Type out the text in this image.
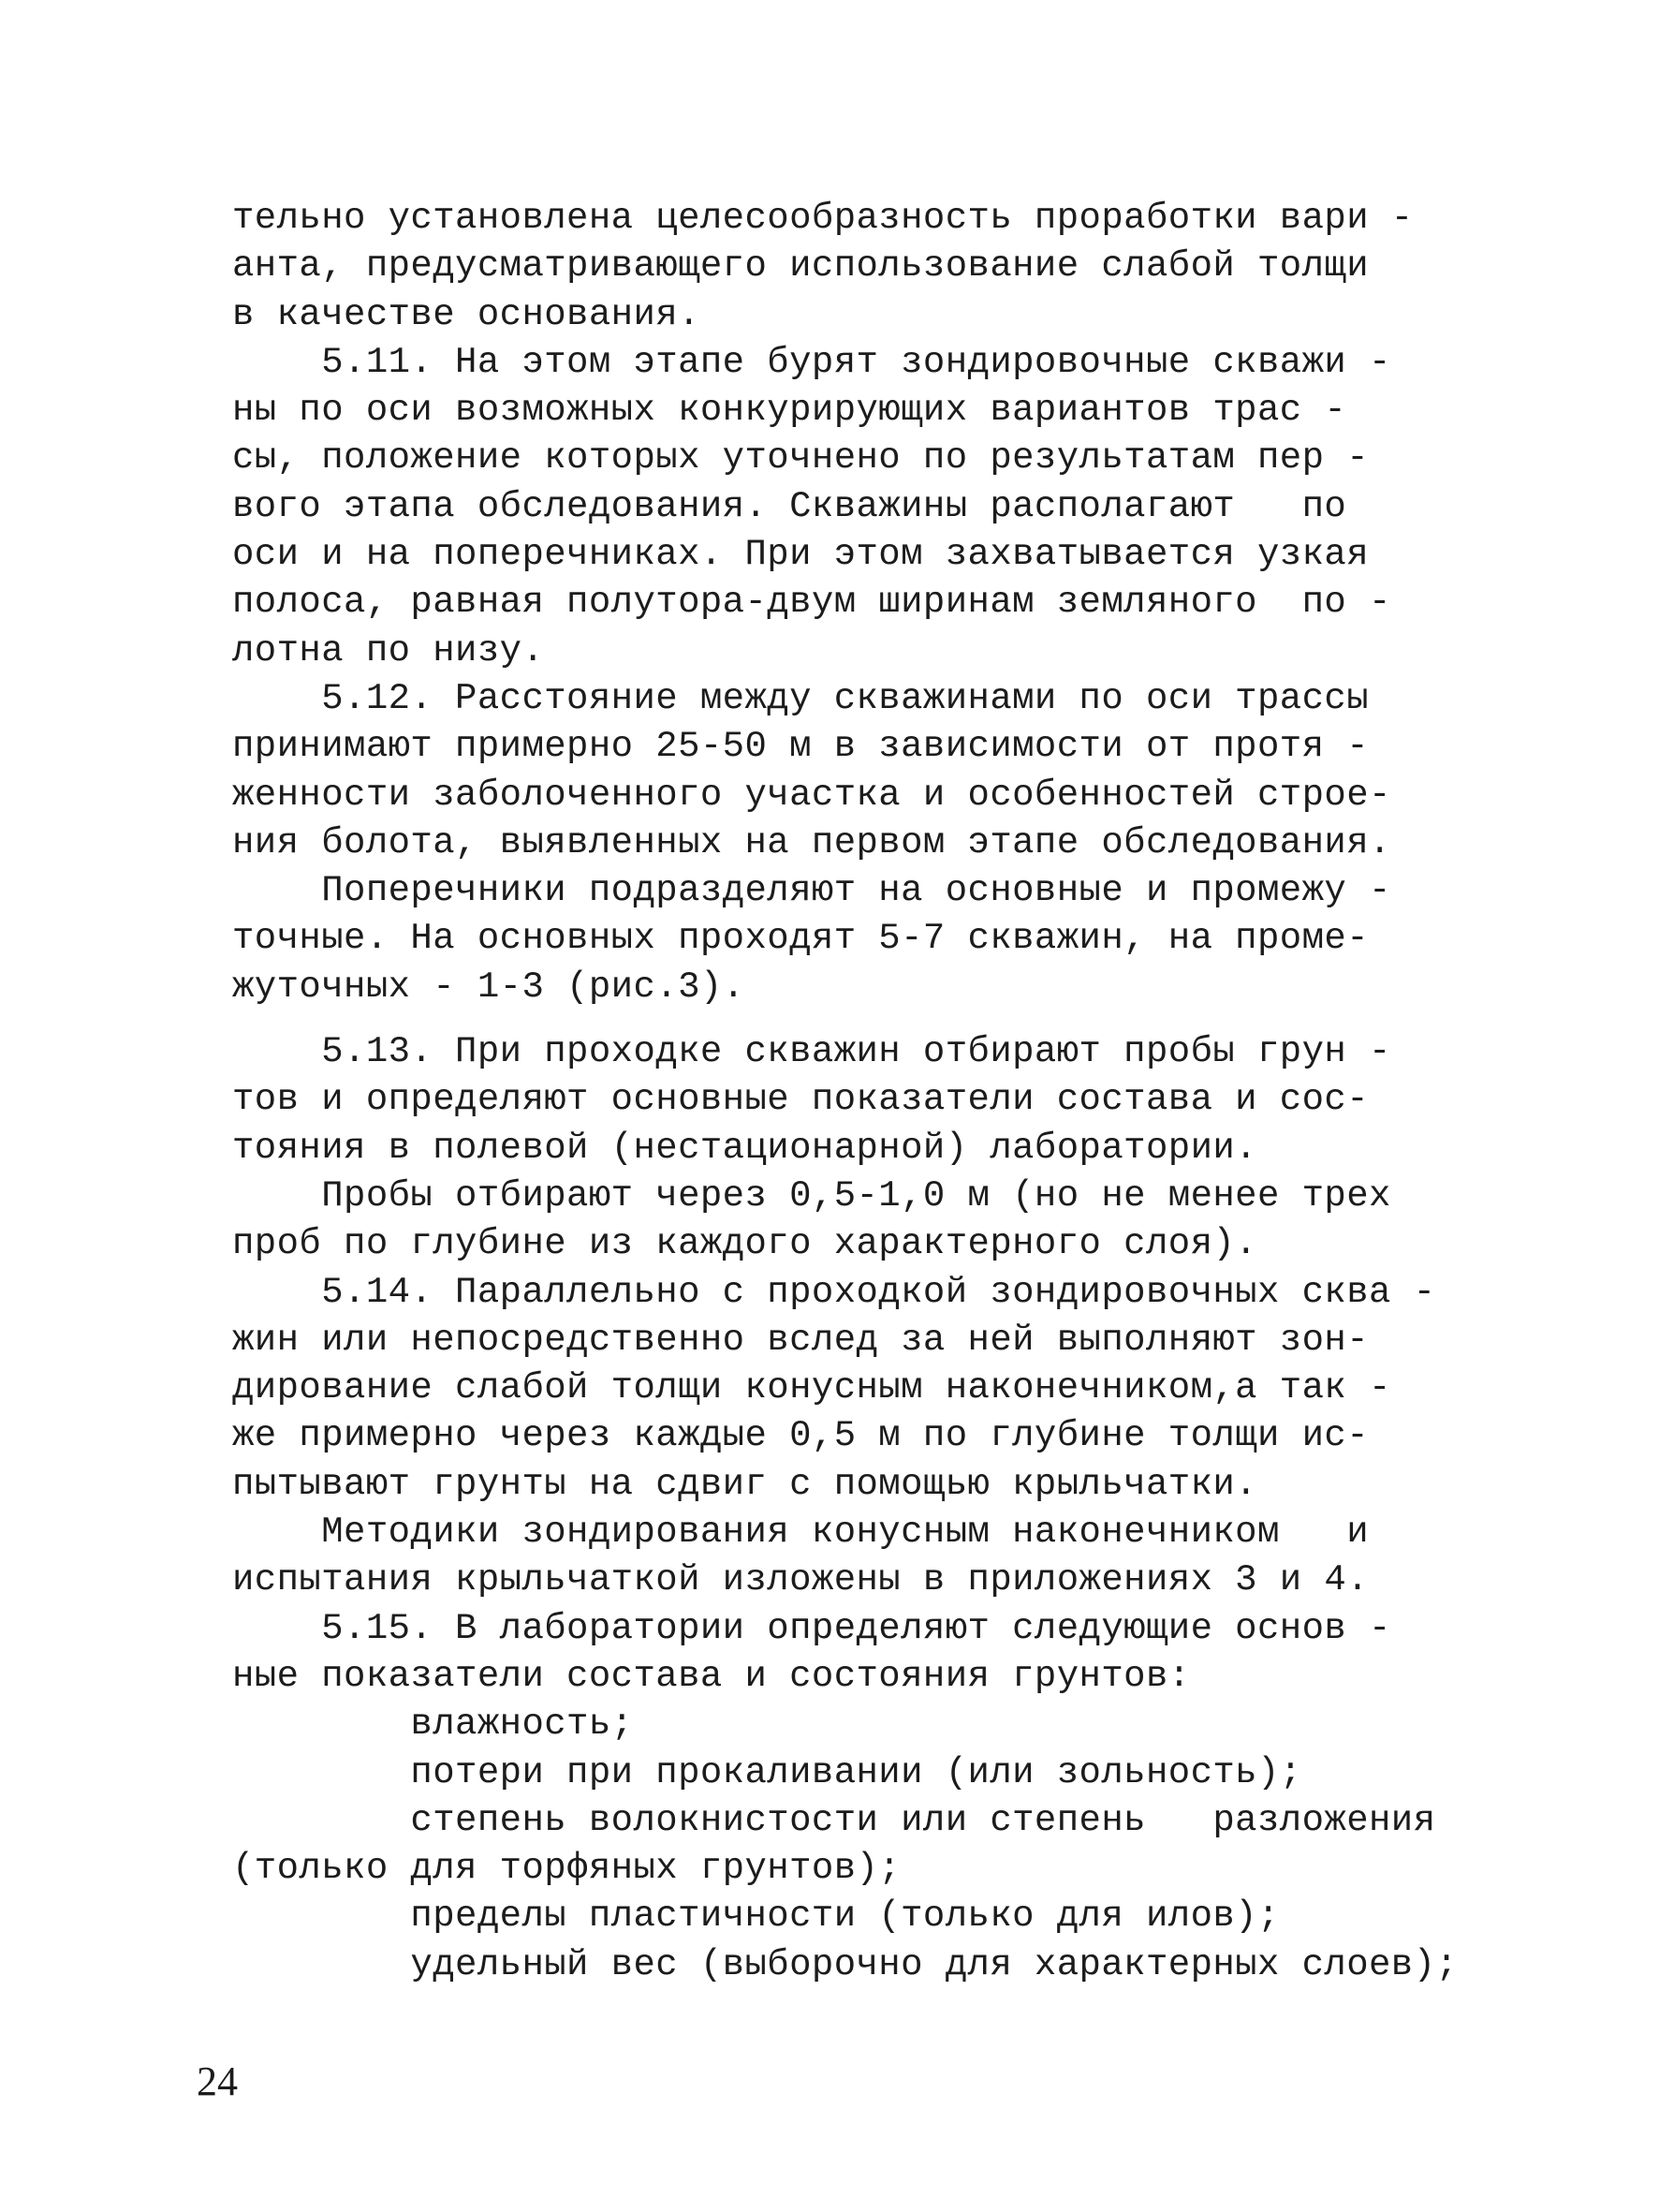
тельно установлена целесообразность проработки вари -
анта, предусматривающего использование слабой толщи
в качестве основания.
5.11. На этом этапе бурят зондировочные скважи -
ны по оси возможных конкурирующих вариантов трас -
сы, положение которых уточнено по результатам пер -
вого этапа обследования. Скважины располагают   по
оси и на поперечниках. При этом захватывается узкая
полоса, равная полутора-двум ширинам земляного  по -
лотна по низу.
5.12. Расстояние между скважинами по оси трассы
принимают примерно 25-50 м в зависимости от протя -
женности заболоченного участка и особенностей строе-
ния болота, выявленных на первом этапе обследования.
Поперечники подразделяют на основные и промежу -
точные. На основных проходят 5-7 скважин, на проме-
жуточных - 1-3 (рис.3).
5.13. При проходке скважин отбирают пробы грун -
тов и определяют основные показатели состава и сос-
тояния в полевой (нестационарной) лаборатории.
Пробы отбирают через 0,5-1,0 м (но не менее трех
проб по глубине из каждого характерного слоя).
5.14. Параллельно с проходкой зондировочных сква -
жин или непосредственно вслед за ней выполняют зон-
дирование слабой толщи конусным наконечником,а так -
же примерно через каждые 0,5 м по глубине толщи ис-
пытывают грунты на сдвиг с помощью крыльчатки.
Методики зондирования конусным наконечником   и
испытания крыльчаткой изложены в приложениях 3 и 4.
5.15. В лаборатории определяют следующие основ -
ные показатели состава и состояния грунтов:
влажность;
потери при прокаливании (или зольность);
степень волокнистости или степень   разложения
(только для торфяных грунтов);
пределы пластичности (только для илов);
удельный вес (выборочно для характерных слоев);
24
